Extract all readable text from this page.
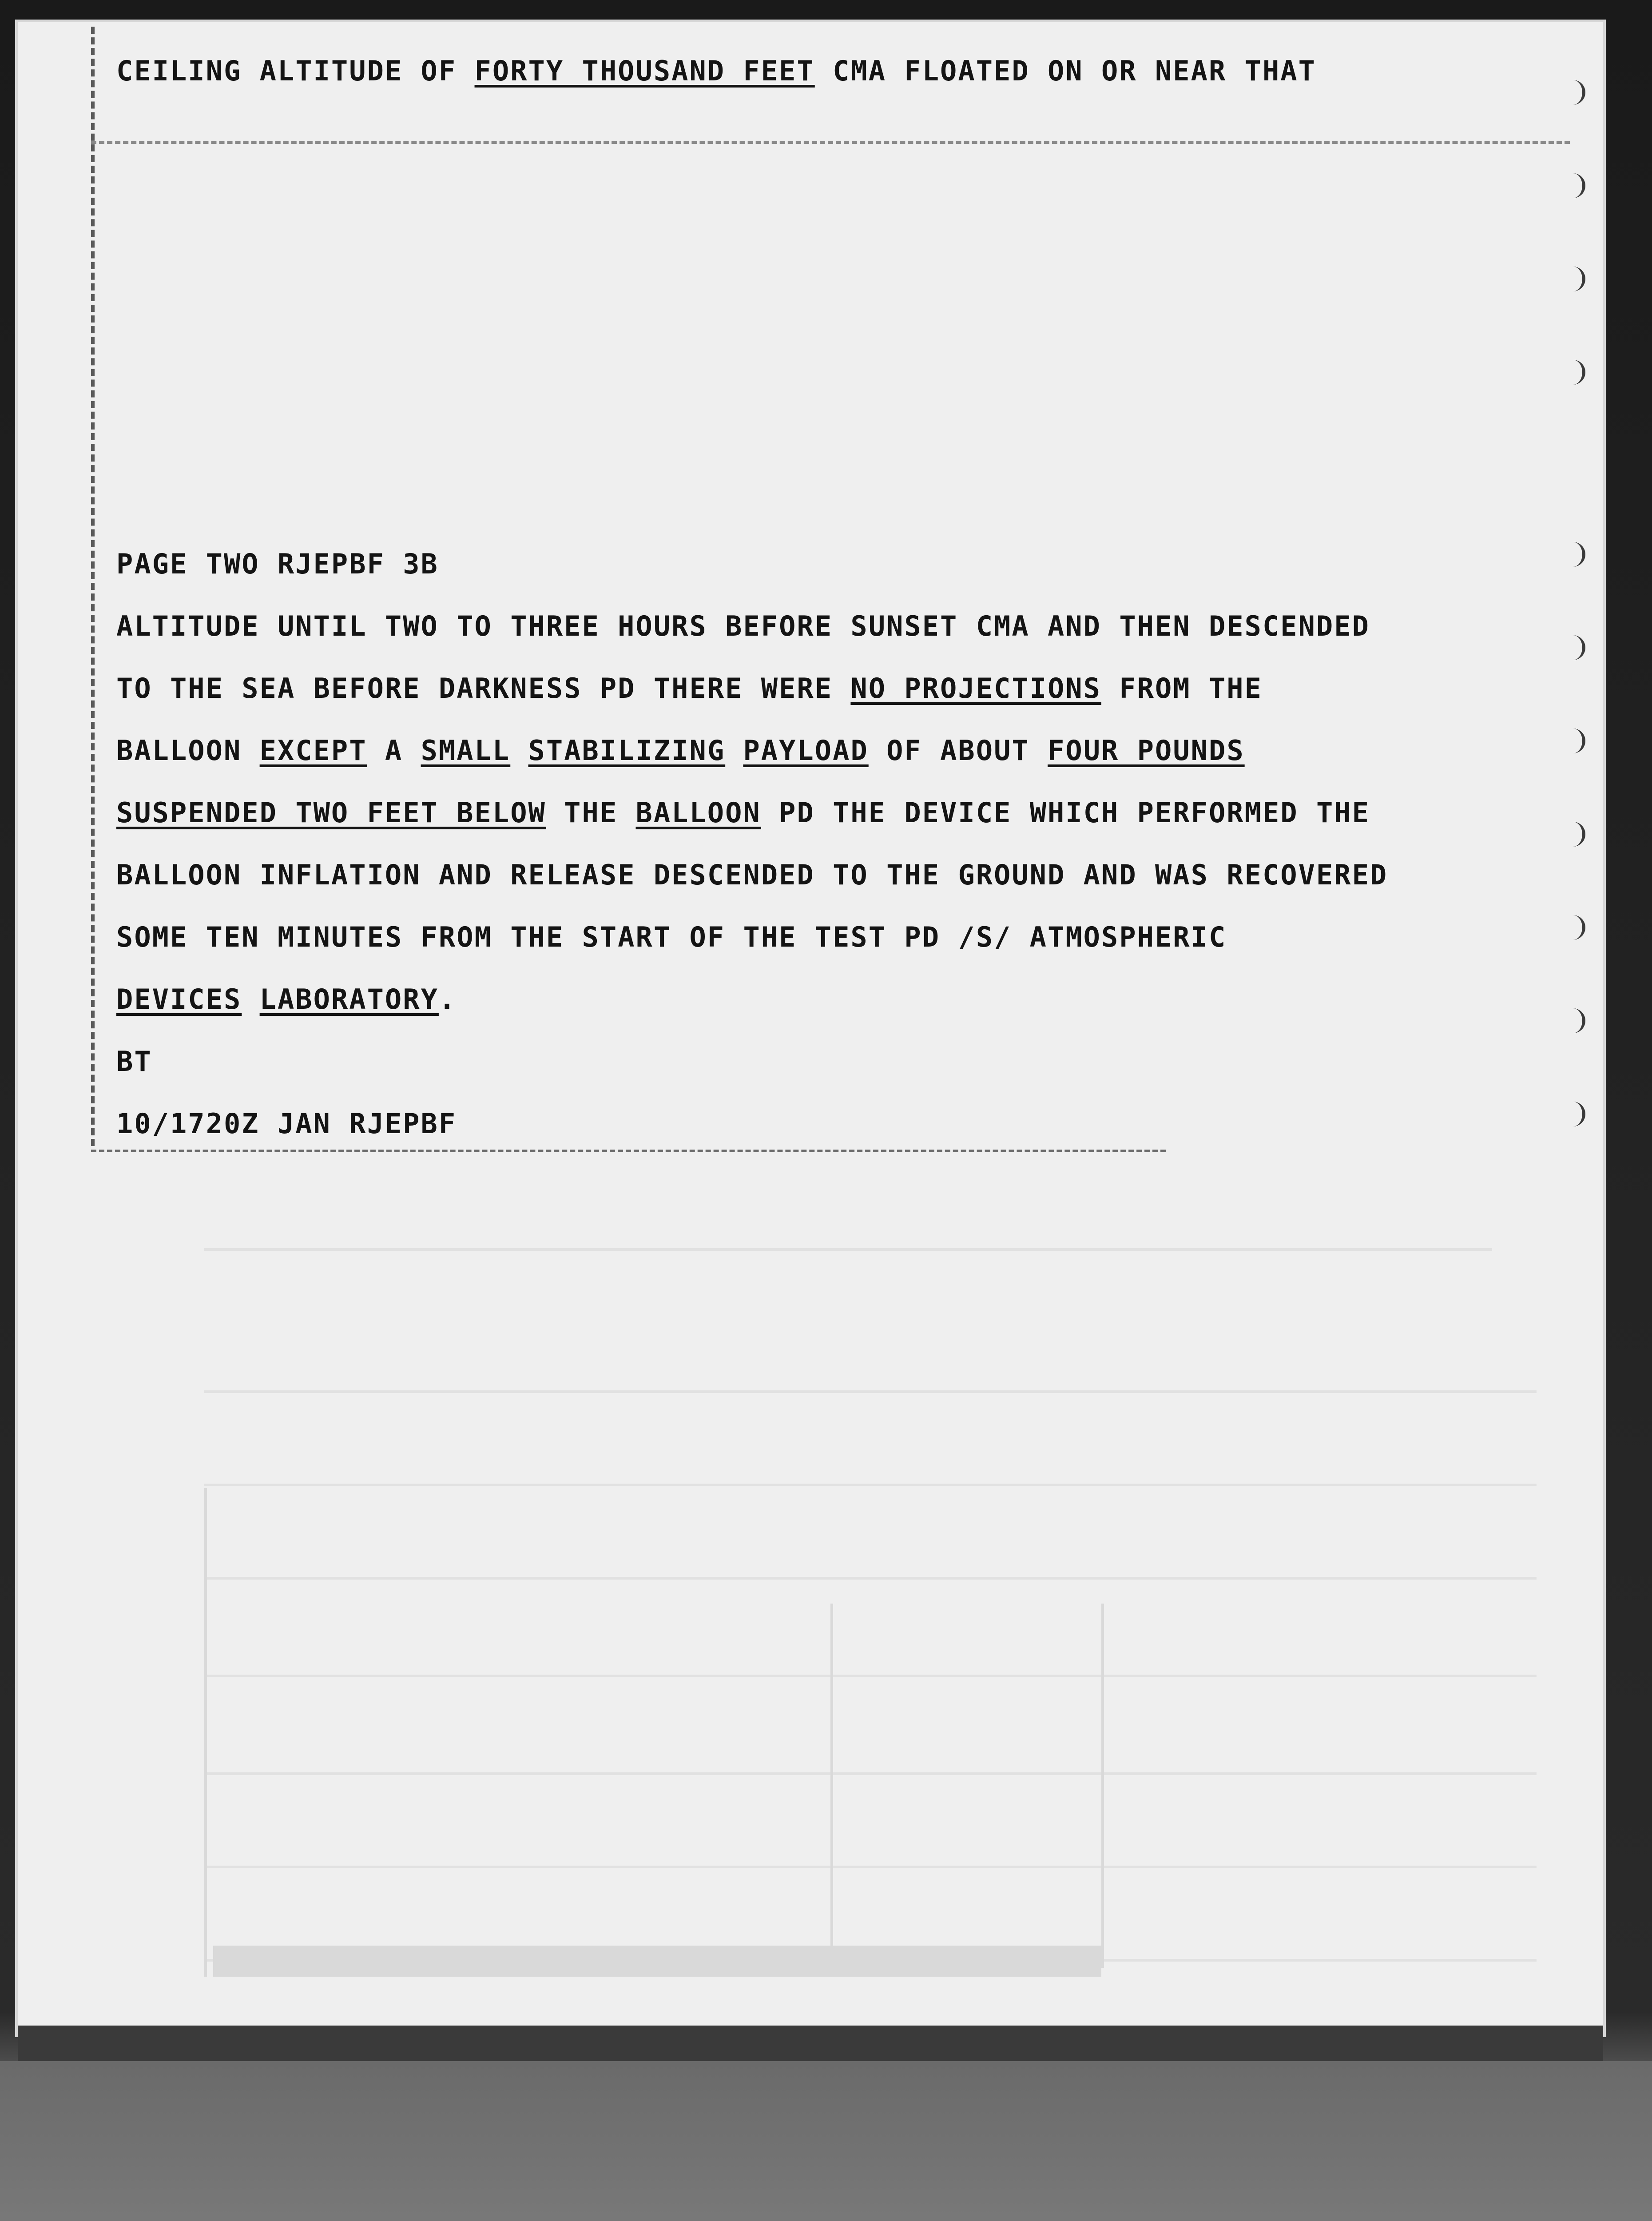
CEILING ALTITUDE OF FORTY THOUSAND FEET CMA FLOATED ON OR NEAR THAT
PAGE TWO RJEPBF 3B
ALTITUDE UNTIL TWO TO THREE HOURS BEFORE SUNSET CMA AND THEN DESCENDED
TO THE SEA BEFORE DARKNESS PD THERE WERE NO PROJECTIONS FROM THE
BALLOON EXCEPT A SMALL STABILIZING PAYLOAD OF ABOUT FOUR POUNDS
SUSPENDED TWO FEET BELOW THE BALLOON PD THE DEVICE WHICH PERFORMED THE
BALLOON INFLATION AND RELEASE DESCENDED TO THE GROUND AND WAS RECOVERED
SOME TEN MINUTES FROM THE START OF THE TEST PD /S/ ATMOSPHERIC
DEVICES LABORATORY.
BT
10/1720Z JAN RJEPBF
